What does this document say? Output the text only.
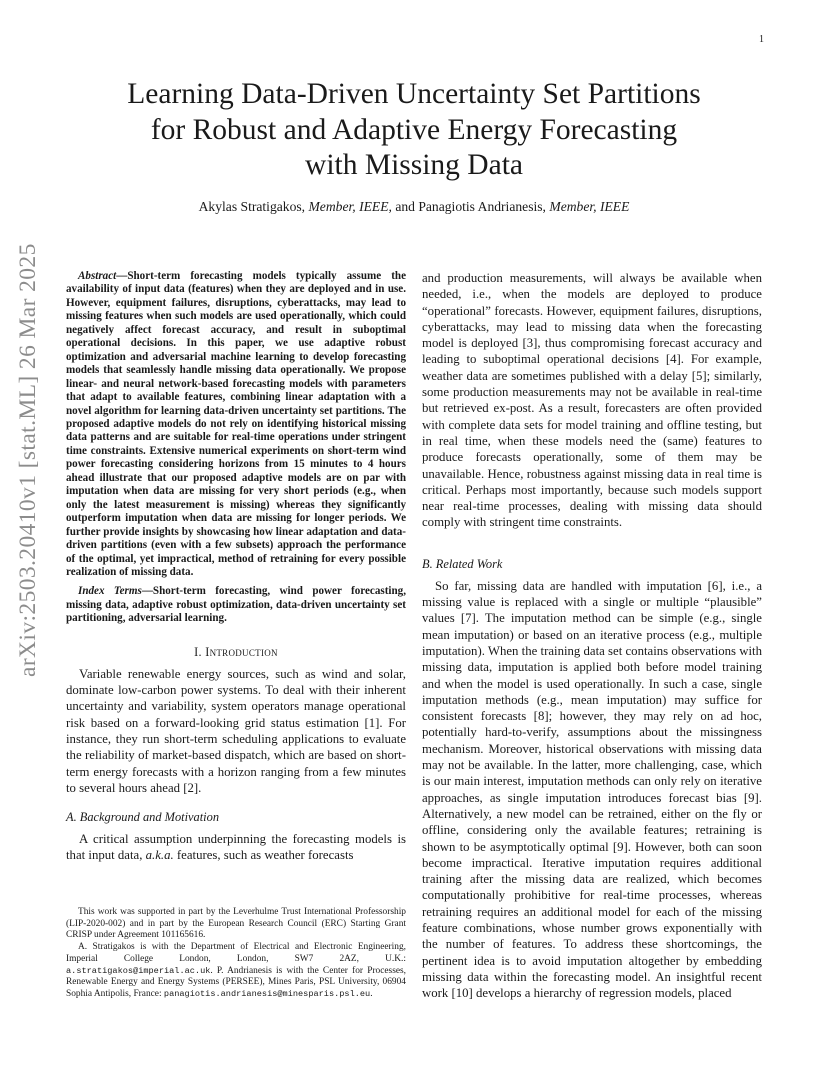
1
arXiv:2503.20410v1 [stat.ML] 26 Mar 2025
Learning Data-Driven Uncertainty Set Partitions
for Robust and Adaptive Energy Forecasting
with Missing Data
Akylas Stratigakos, Member, IEEE, and Panagiotis Andrianesis, Member, IEEE

Abstract—Short-term forecasting models typically assume the availability of input data (features) when they are deployed and in use. However, equipment failures, disruptions, cyberattacks, may lead to missing features when such models are used operationally, which could negatively affect forecast accuracy, and result in suboptimal operational decisions. In this paper, we use adaptive robust optimization and adversarial machine learning to develop forecasting models that seamlessly handle missing data operationally. We propose linear- and neural network-based forecasting models with parameters that adapt to available features, combining linear adaptation with a novel algorithm for learning data-driven uncertainty set partitions. The proposed adaptive models do not rely on identifying historical missing data patterns and are suitable for real-time operations under stringent time constraints. Extensive numerical experiments on short-term wind power forecasting considering horizons from 15 minutes to 4 hours ahead illustrate that our proposed adaptive models are on par with imputation when data are missing for very short periods (e.g., when only the latest measurement is missing) whereas they significantly outperform imputation when data are missing for longer periods. We further provide insights by showcasing how linear adaptation and data-driven partitions (even with a few subsets) approach the performance of the optimal, yet impractical, method of retraining for every possible realization of missing data.

Index Terms—Short-term forecasting, wind power forecasting, missing data, adaptive robust optimization, data-driven uncertainty set partitioning, adversarial learning.

I. Introduction

Variable renewable energy sources, such as wind and solar, dominate low-carbon power systems. To deal with their inherent uncertainty and variability, system operators manage operational risk based on a forward-looking grid status estimation [1]. For instance, they run short-term scheduling applications to evaluate the reliability of market-based dispatch, which are based on short-term energy forecasts with a horizon ranging from a few minutes to several hours ahead [2].

A. Background and Motivation

A critical assumption underpinning the forecasting models is that input data, a.k.a. features, such as weather forecasts

This work was supported in part by the Leverhulme Trust International Professorship (LIP-2020-002) and in part by the European Research Council (ERC) Starting Grant CRISP under Agreement 101165616.

A. Stratigakos is with the Department of Electrical and Electronic Engineering, Imperial College London, London, SW7 2AZ, U.K.: a.stratigakos@imperial.ac.uk. P. Andrianesis is with the Center for Processes, Renewable Energy and Energy Systems (PERSEE), Mines Paris, PSL University, 06904 Sophia Antipolis, France: panagiotis.andrianesis@minesparis.psl.eu.

and production measurements, will always be available when needed, i.e., when the models are deployed to produce “operational” forecasts. However, equipment failures, disruptions, cyberattacks, may lead to missing data when the forecasting model is deployed [3], thus compromising forecast accuracy and leading to suboptimal operational decisions [4]. For example, weather data are sometimes published with a delay [5]; similarly, some production measurements may not be available in real-time but retrieved ex-post. As a result, forecasters are often provided with complete data sets for model training and offline testing, but in real time, when these models need the (same) features to produce forecasts operationally, some of them may be unavailable. Hence, robustness against missing data in real time is critical. Perhaps most importantly, because such models support near real-time processes, dealing with missing data should comply with stringent time constraints.

B. Related Work

So far, missing data are handled with imputation [6], i.e., a missing value is replaced with a single or multiple “plausible” values [7]. The imputation method can be simple (e.g., single mean imputation) or based on an iterative process (e.g., multiple imputation). When the training data set contains observations with missing data, imputation is applied both before model training and when the model is used operationally. In such a case, single imputation methods (e.g., mean imputation) may suffice for consistent forecasts [8]; however, they may rely on ad hoc, potentially hard-to-verify, assumptions about the missingness mechanism. Moreover, historical observations with missing data may not be available. In the latter, more challenging, case, which is our main interest, imputation methods can only rely on iterative approaches, as single imputation introduces forecast bias [9]. Alternatively, a new model can be retrained, either on the fly or offline, considering only the available features; retraining is shown to be asymptotically optimal [9]. However, both can soon become impractical. Iterative imputation requires additional training after the missing data are realized, which becomes computationally prohibitive for real-time processes, whereas retraining requires an additional model for each of the missing feature combinations, whose number grows exponentially with the number of features. To address these shortcomings, the pertinent idea is to avoid imputation altogether by embedding missing data within the forecasting model. An insightful recent work [10] develops a hierarchy of regression models, placed
